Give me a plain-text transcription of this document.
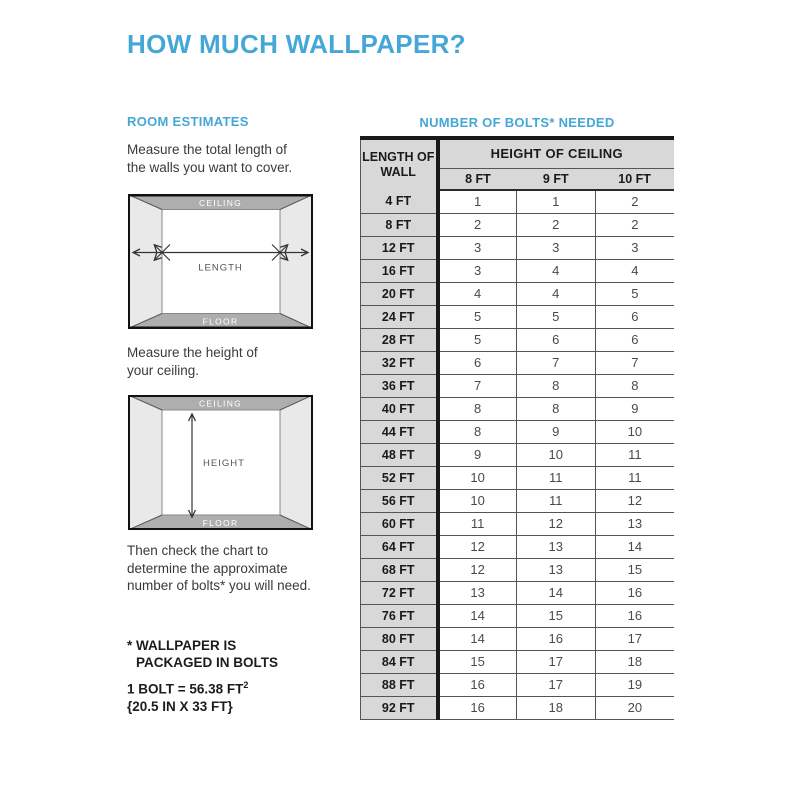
HOW MUCH WALLPAPER?
ROOM ESTIMATES
Measure the total length of
the walls you want to cover.
CEILING
FLOOR
LENGTH
Measure the height of
your ceiling.
CEILING
FLOOR
HEIGHT
Then check the chart to
determine the approximate
number of bolts* you will need.
* WALLPAPER IS
PACKAGED IN BOLTS
1 BOLT = 56.38 $FT^2$
{20.5 IN X 33 FT}
NUMBER OF BOLTS* NEEDED
LENGTH OF WALL	HEIGHT OF CEILING		
	8 FT	9 FT	10 FT
4 FT	1	1	2
8 FT	2	2	2
12 FT	3	3	3
16 FT	3	4	4
20 FT	4	4	5
24 FT	5	5	6
28 FT	5	6	6
32 FT	6	7	7
36 FT	7	8	8
40 FT	8	8	9
44 FT	8	9	10
48 FT	9	10	11
52 FT	10	11	11
56 FT	10	11	12
60 FT	11	12	13
64 FT	12	13	14
68 FT	12	13	15
72 FT	13	14	16
76 FT	14	15	16
80 FT	14	16	17
84 FT	15	17	18
88 FT	16	17	19
92 FT	16	18	20
